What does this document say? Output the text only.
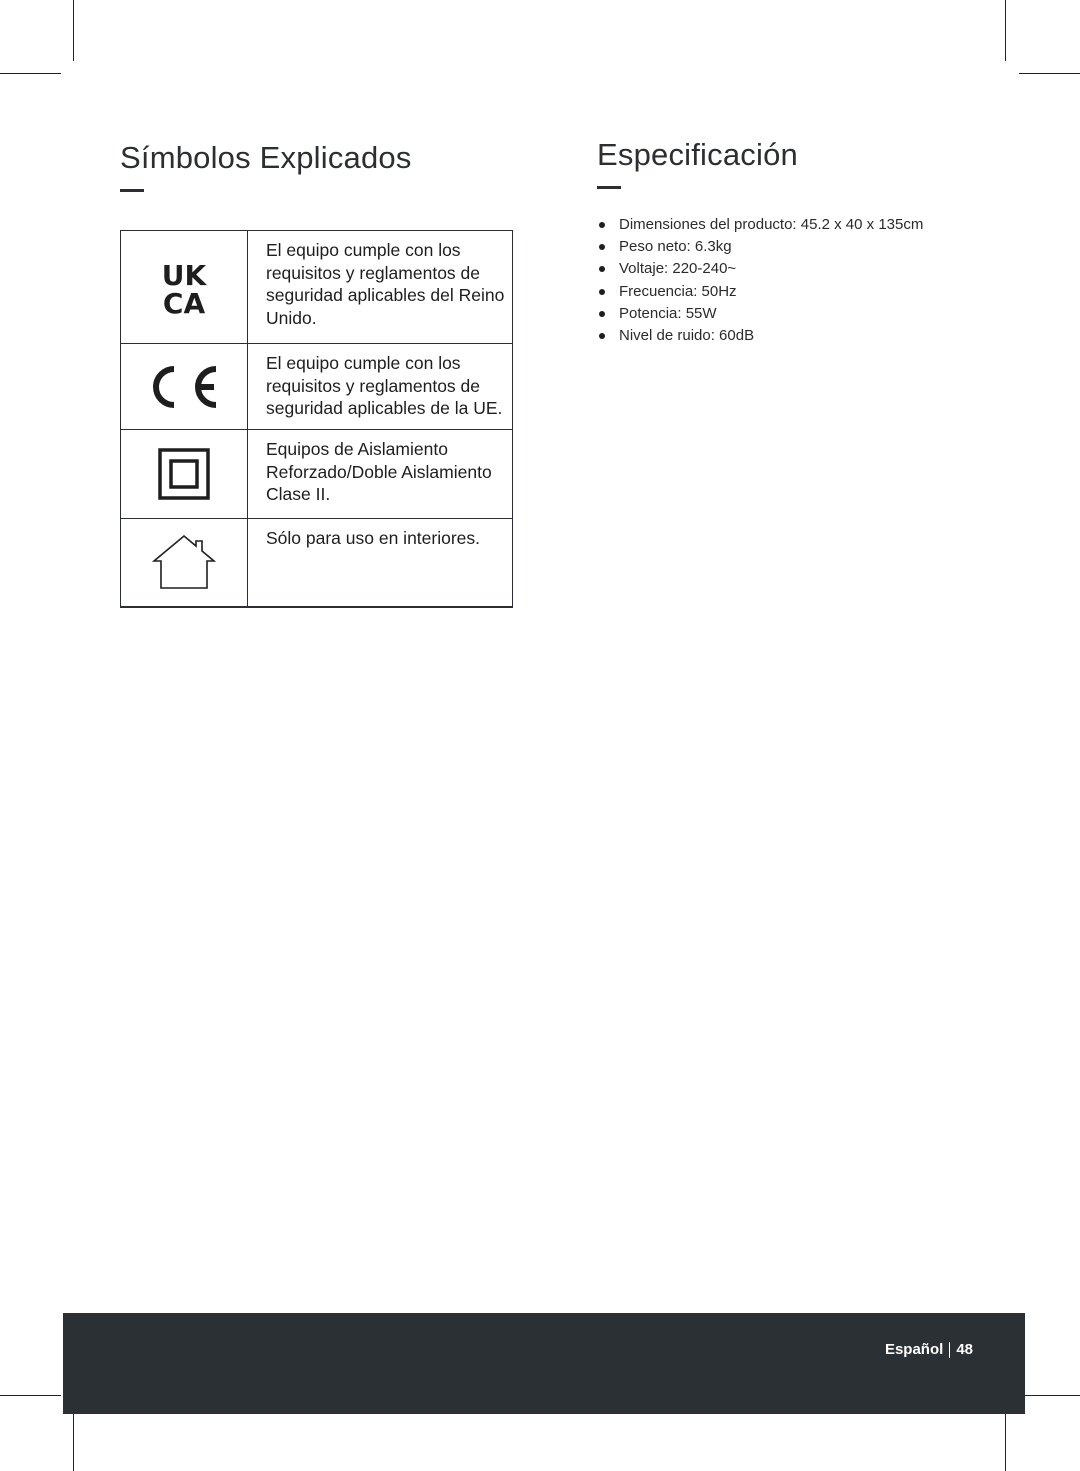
Símbolos Explicados
UK
CA	El equipo cumple con los requisitos y reglamentos de seguridad aplicables del Reino Unido.

	El equipo cumple con los requisitos y reglamentos de seguridad aplicables de la UE.

	Equipos de Aislamiento Reforzado/Doble Aislamiento Clase II.

	Sólo para uso en interiores.
Especificación
Dimensiones del producto: 45.2 x 40 x 135cm
Peso neto: 6.3kg
Voltaje: 220-240~
Frecuencia: 50Hz
Potencia: 55W
Nivel de ruido: 60dB
Español 48
